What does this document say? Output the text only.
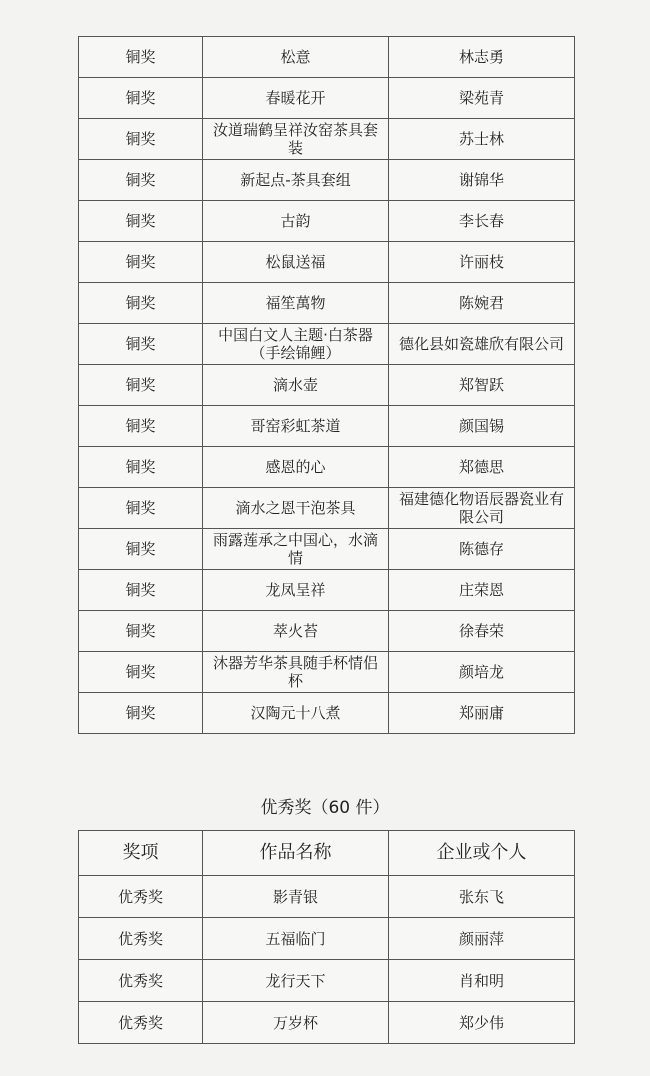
铜奖	松意	林志勇
铜奖	春暖花开	梁苑青
铜奖	汝道瑞鹤呈祥汝窑茶具套装	苏士林
铜奖	新起点-茶具套组	谢锦华
铜奖	古韵	李长春
铜奖	松鼠送福	许丽枝
铜奖	福笙萬物	陈婉君
铜奖	中国白文人主题·白茶器（手绘锦鲤）	德化县如瓷雄欣有限公司
铜奖	滴水壶	郑智跃
铜奖	哥窑彩虹茶道	颜国锡
铜奖	感恩的心	郑德思
铜奖	滴水之恩干泡茶具	福建德化物语辰器瓷业有限公司
铜奖	雨露莲承之中国心，水滴情	陈德存
铜奖	龙凤呈祥	庄荣恩
铜奖	萃火苔	徐春荣
铜奖	沐器芳华茶具随手杯情侣杯	颜培龙
铜奖	汉陶元十八煮	郑丽庸
优秀奖（60 件）
奖项	作品名称	企业或个人
优秀奖	影青银	张东飞
优秀奖	五福临门	颜丽萍
优秀奖	龙行天下	肖和明
优秀奖	万岁杯	郑少伟
